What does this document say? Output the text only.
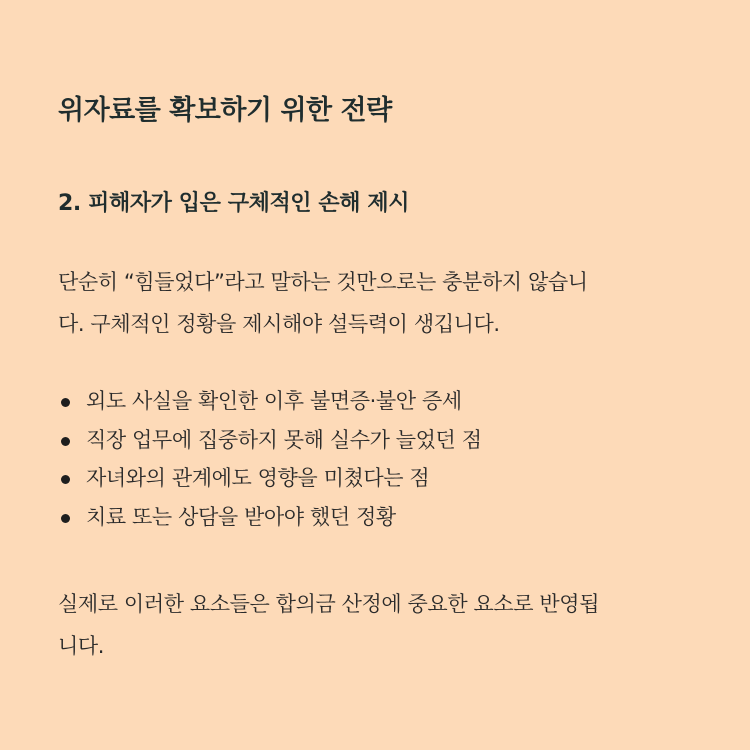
위자료를 확보하기 위한 전략
2. 피해자가 입은 구체적인 손해 제시

단순히 “힘들었다”라고 말하는 것만으로는 충분하지 않습니
다. 구체적인 정황을 제시해야 설득력이 생깁니다.

외도 사실을 확인한 이후 불면증·불안 증세
직장 업무에 집중하지 못해 실수가 늘었던 점
자녀와의 관계에도 영향을 미쳤다는 점
치료 또는 상담을 받아야 했던 정황

실제로 이러한 요소들은 합의금 산정에 중요한 요소로 반영됩
니다.
